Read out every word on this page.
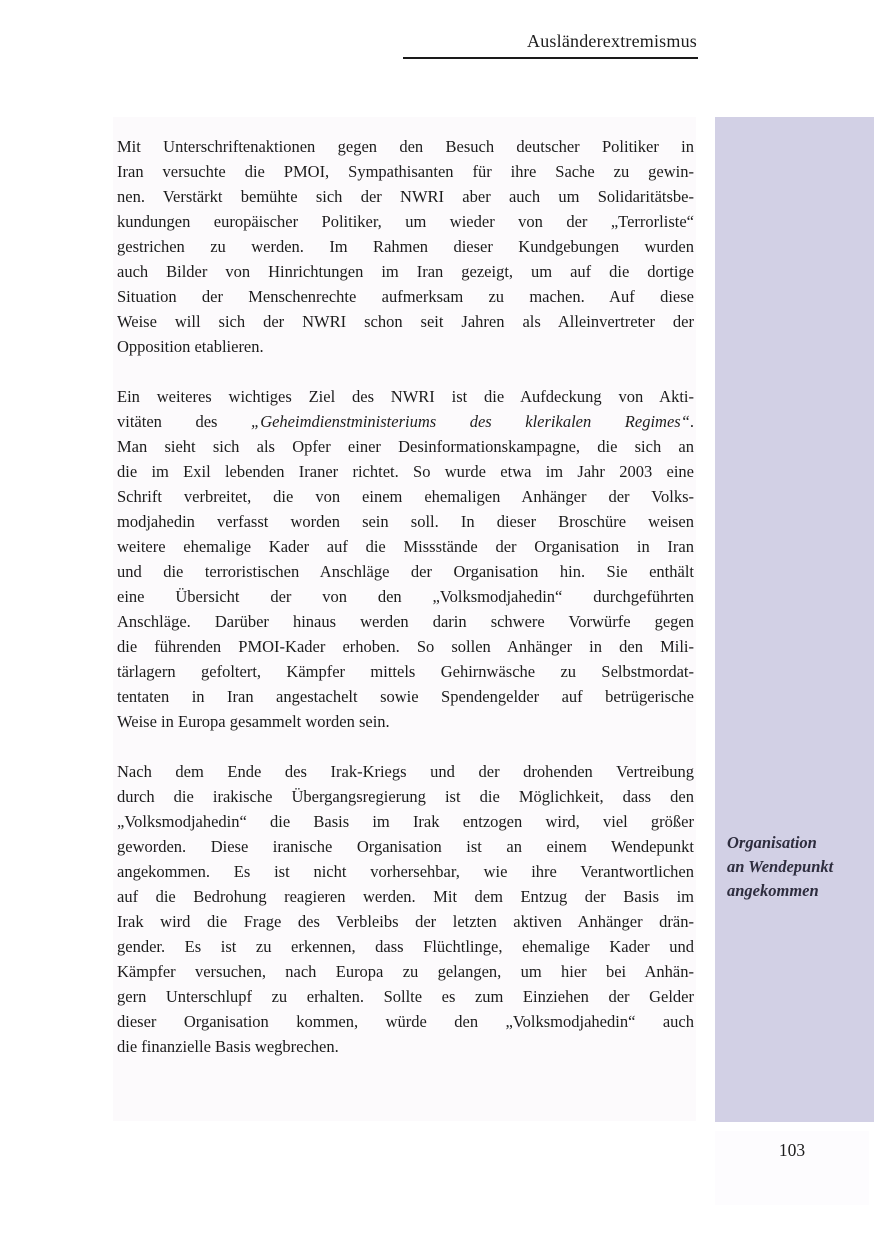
Ausländerextremismus
Mit Unterschriftenaktionen gegen den Besuch deutscher Politiker in
Iran versuchte die PMOI, Sympathisanten für ihre Sache zu gewin-
nen. Verstärkt bemühte sich der NWRI aber auch um Solidaritätsbe-
kundungen europäischer Politiker, um wieder von der „Terrorliste“
gestrichen zu werden. Im Rahmen dieser Kundgebungen wurden
auch Bilder von Hinrichtungen im Iran gezeigt, um auf die dortige
Situation der Menschenrechte aufmerksam zu machen. Auf diese
Weise will sich der NWRI schon seit Jahren als Alleinvertreter der
Opposition etablieren.
Ein weiteres wichtiges Ziel des NWRI ist die Aufdeckung von Akti-
vitäten des „Geheimdienstministeriums des klerikalen Regimes“.
Man sieht sich als Opfer einer Desinformationskampagne, die sich an
die im Exil lebenden Iraner richtet. So wurde etwa im Jahr 2003 eine
Schrift verbreitet, die von einem ehemaligen Anhänger der Volks-
modjahedin verfasst worden sein soll. In dieser Broschüre weisen
weitere ehemalige Kader auf die Missstände der Organisation in Iran
und die terroristischen Anschläge der Organisation hin. Sie enthält
eine Übersicht der von den „Volksmodjahedin“ durchgeführten
Anschläge. Darüber hinaus werden darin schwere Vorwürfe gegen
die führenden PMOI-Kader erhoben. So sollen Anhänger in den Mili-
tärlagern gefoltert, Kämpfer mittels Gehirnwäsche zu Selbstmordat-
tentaten in Iran angestachelt sowie Spendengelder auf betrügerische
Weise in Europa gesammelt worden sein.
Nach dem Ende des Irak-Kriegs und der drohenden Vertreibung
durch die irakische Übergangsregierung ist die Möglichkeit, dass den
„Volksmodjahedin“ die Basis im Irak entzogen wird, viel größer
geworden. Diese iranische Organisation ist an einem Wendepunkt
angekommen. Es ist nicht vorhersehbar, wie ihre Verantwortlichen
auf die Bedrohung reagieren werden. Mit dem Entzug der Basis im
Irak wird die Frage des Verbleibs der letzten aktiven Anhänger drän-
gender. Es ist zu erkennen, dass Flüchtlinge, ehemalige Kader und
Kämpfer versuchen, nach Europa zu gelangen, um hier bei Anhän-
gern Unterschlupf zu erhalten. Sollte es zum Einziehen der Gelder
dieser Organisation kommen, würde den „Volksmodjahedin“ auch
die finanzielle Basis wegbrechen.
Organisation
an Wendepunkt
angekommen
103
